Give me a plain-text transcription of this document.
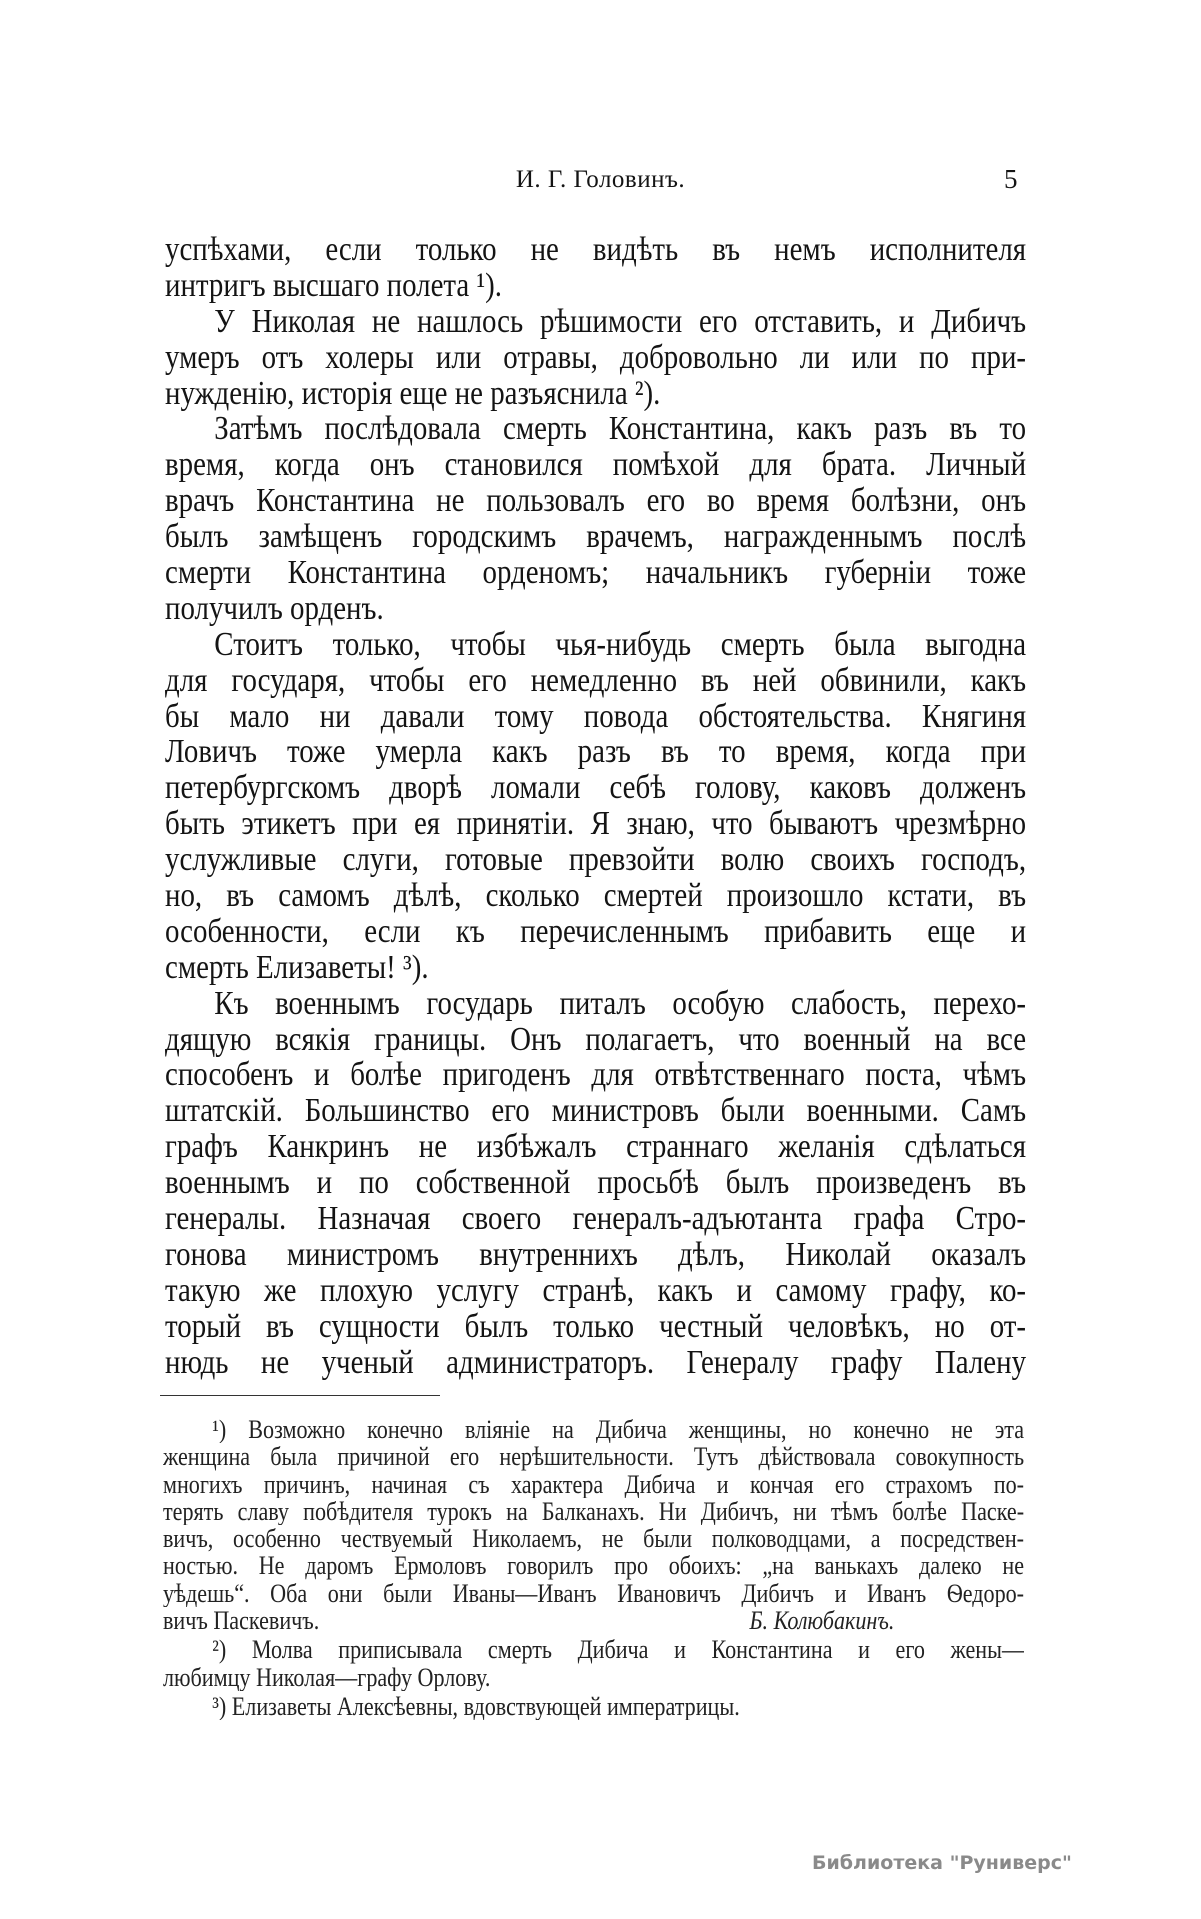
И. Г. Головинъ.	5
успѣхами, если только не видѣть въ немъ исполнителя
интригъ высшаго полета ¹).
У Николая не нашлось рѣшимости его отставить, и Дибичъ
умеръ отъ холеры или отравы, добровольно ли или по при-
нужденію, исторія еще не разъяснила ²).
Затѣмъ послѣдовала смерть Константина, какъ разъ въ то
время, когда онъ становился помѣхой для брата. Личный
врачъ Константина не пользовалъ его во время болѣзни, онъ
былъ замѣщенъ городскимъ врачемъ, награжденнымъ послѣ
смерти Константина орденомъ; начальникъ губерніи тоже
получилъ орденъ.
Стоитъ только, чтобы чья-нибудь смерть была выгодна
для государя, чтобы его немедленно въ ней обвинили, какъ
бы мало ни давали тому повода обстоятельства. Княгиня
Ловичъ тоже умерла какъ разъ въ то время, когда при
петербургскомъ дворѣ ломали себѣ голову, каковъ долженъ
быть этикетъ при ея принятіи. Я знаю, что бываютъ чрезмѣрно
услужливые слуги, готовые превзойти волю своихъ господъ,
но, въ самомъ дѣлѣ, сколько смертей произошло кстати, въ
особенности, если къ перечисленнымъ прибавить еще и
смерть Елизаветы! ³).
Къ военнымъ государь питалъ особую слабость, перехо-
дящую всякія границы. Онъ полагаетъ, что военный на все
способенъ и болѣе пригоденъ для отвѣтственнаго поста, чѣмъ
штатскій. Большинство его министровъ были военными. Самъ
графъ Канкринъ не избѣжалъ страннаго желанія сдѣлаться
военнымъ и по собственной просьбѣ былъ произведенъ въ
генералы. Назначая своего генералъ-адъютанта графа Стро-
гонова министромъ внутреннихъ дѣлъ, Николай оказалъ
такую же плохую услугу странѣ, какъ и самому графу, ко-
торый въ сущности былъ только честный человѣкъ, но от-
нюдь не ученый администраторъ. Генералу графу Палену
¹) Возможно конечно вліяніе на Дибича женщины, но конечно не эта
женщина была причиной его нерѣшительности. Тутъ дѣйствовала совокупность
многихъ причинъ, начиная съ характера Дибича и кончая его страхомъ по-
терять славу побѣдителя турокъ на Балканахъ. Ни Дибичъ, ни тѣмъ болѣе Паске-
вичъ, особенно чествуемый Николаемъ, не были полководцами, а посредствен-
ностью. Не даромъ Ермоловъ говорилъ про обоихъ: „на ванькахъ далеко не
уѣдешь“. Оба они были Иваны—Иванъ Ивановичъ Дибичъ и Иванъ Ѳедоро-
вичъ Паскевичъ.	Б. Колюбакинъ.
²) Молва приписывала смерть Дибича и Константина и его жены—
любимцу Николая—графу Орлову.
³) Елизаветы Алексѣевны, вдовствующей императрицы.
Библиотека "Руниверс"
